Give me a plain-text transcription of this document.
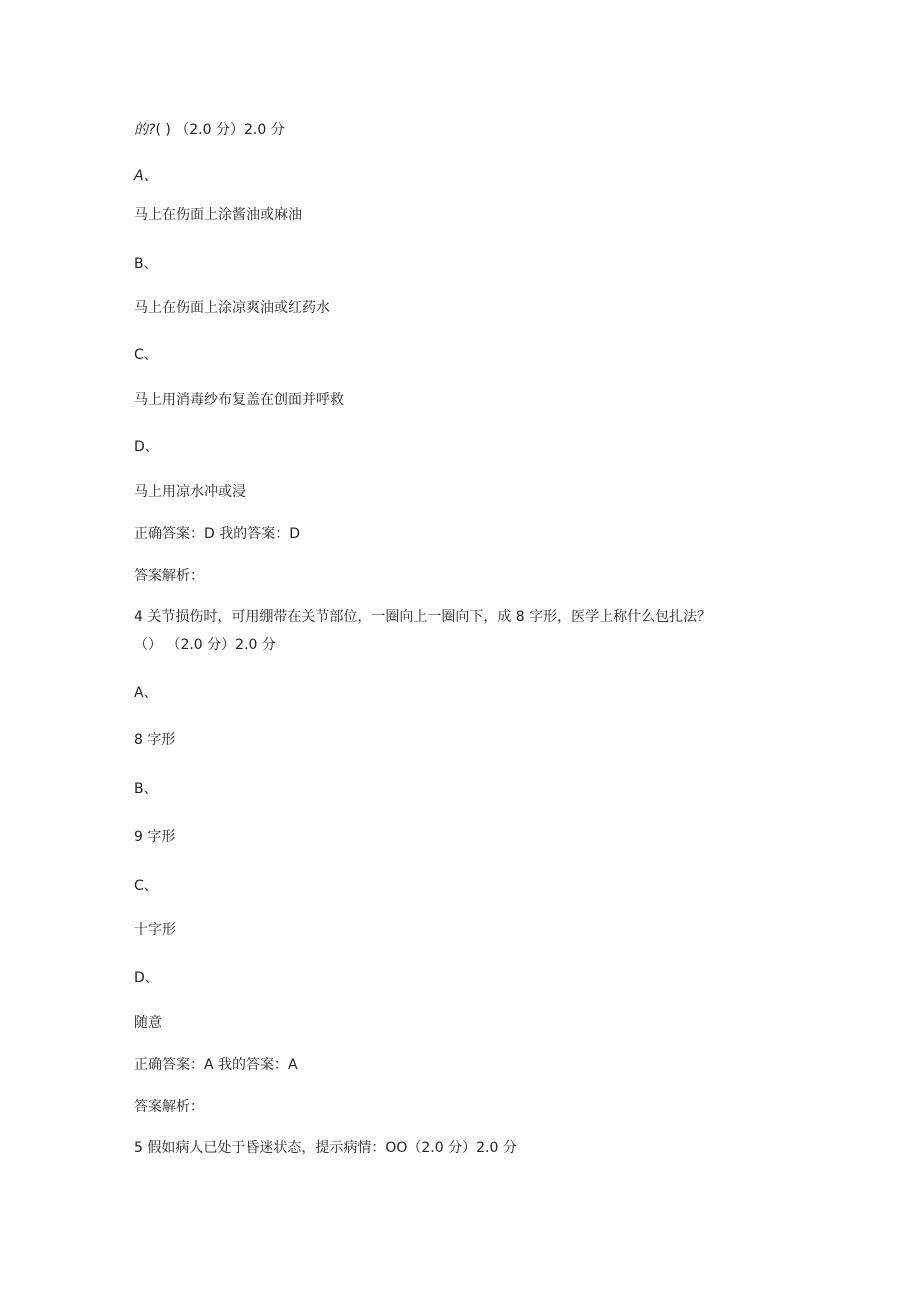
的?( ) （2.0 分）2.0 分
A、
马上在伤面上涂酱油或麻油
B、
马上在伤面上涂凉爽油或红药水
C、
马上用消毒纱布复盖在创面并呼救
D、
马上用凉水冲或浸
正确答案：D 我的答案：D
答案解析：
4 关节损伤时，可用绷带在关节部位，一圈向上一圈向下，成 8 字形，医学上称什么包扎法？
（） （2.0 分）2.0 分
A、
8 字形
B、
9 字形
C、
十字形
D、
随意
正确答案：A 我的答案：A
答案解析：
5 假如病人已处于昏迷状态，提示病情：OO（2.0 分）2.0 分
